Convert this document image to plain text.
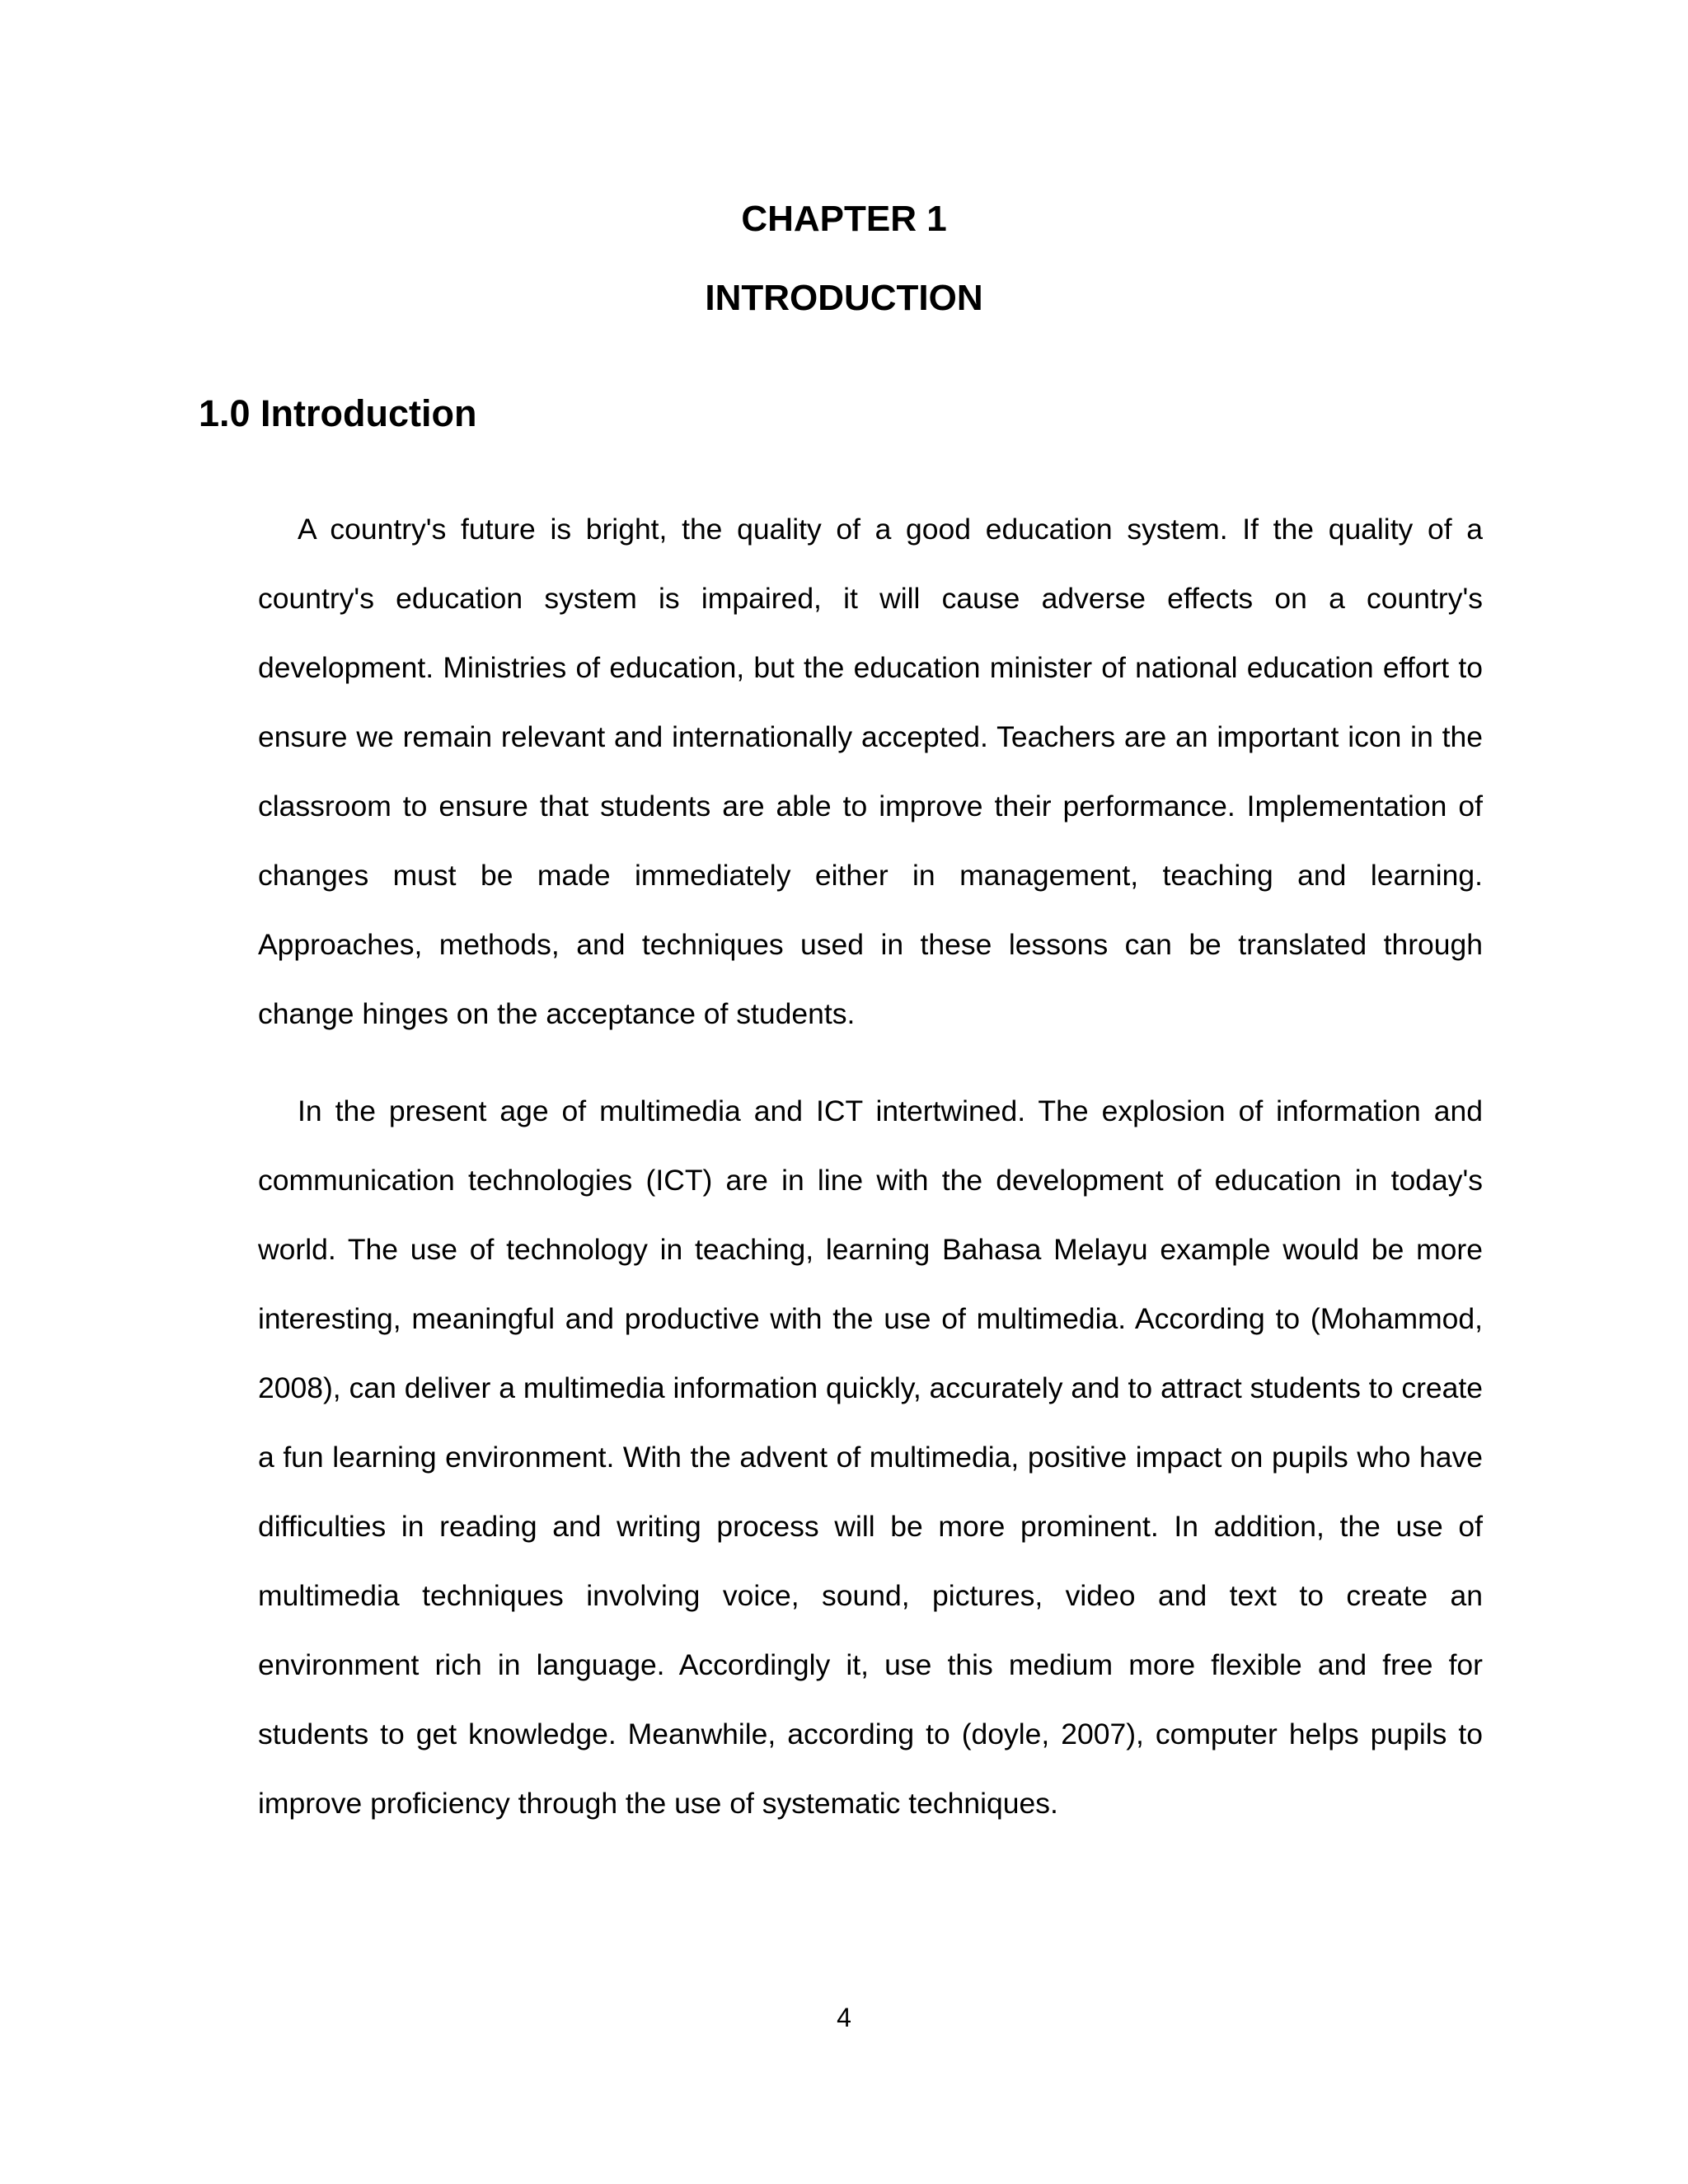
CHAPTER 1
INTRODUCTION
1.0 Introduction

A country's future is bright, the quality of a good education system. If the quality of a country's education system is impaired, it will cause adverse effects on a country's development. Ministries of education, but the education minister of national education effort to ensure we remain relevant and internationally accepted. Teachers are an important icon in the classroom to ensure that students are able to improve their performance. Implementation of changes must be made immediately either in management, teaching and learning. Approaches, methods, and techniques used in these lessons can be translated through change hinges on the acceptance of students.

In the present age of multimedia and ICT intertwined. The explosion of information and communication technologies (ICT) are in line with the development of education in today's world. The use of technology in teaching, learning Bahasa Melayu example would be more interesting, meaningful and productive with the use of multimedia. According to (Mohammod, 2008), can deliver a multimedia information quickly, accurately and to attract students to create a fun learning environment. With the advent of multimedia, positive impact on pupils who have difficulties in reading and writing process will be more prominent. In addition, the use of multimedia techniques involving voice, sound, pictures, video and text to create an environment rich in language. Accordingly it, use this medium more flexible and free for students to get knowledge. Meanwhile, according to (doyle, 2007), computer helps pupils to improve proficiency through the use of systematic techniques.

4
